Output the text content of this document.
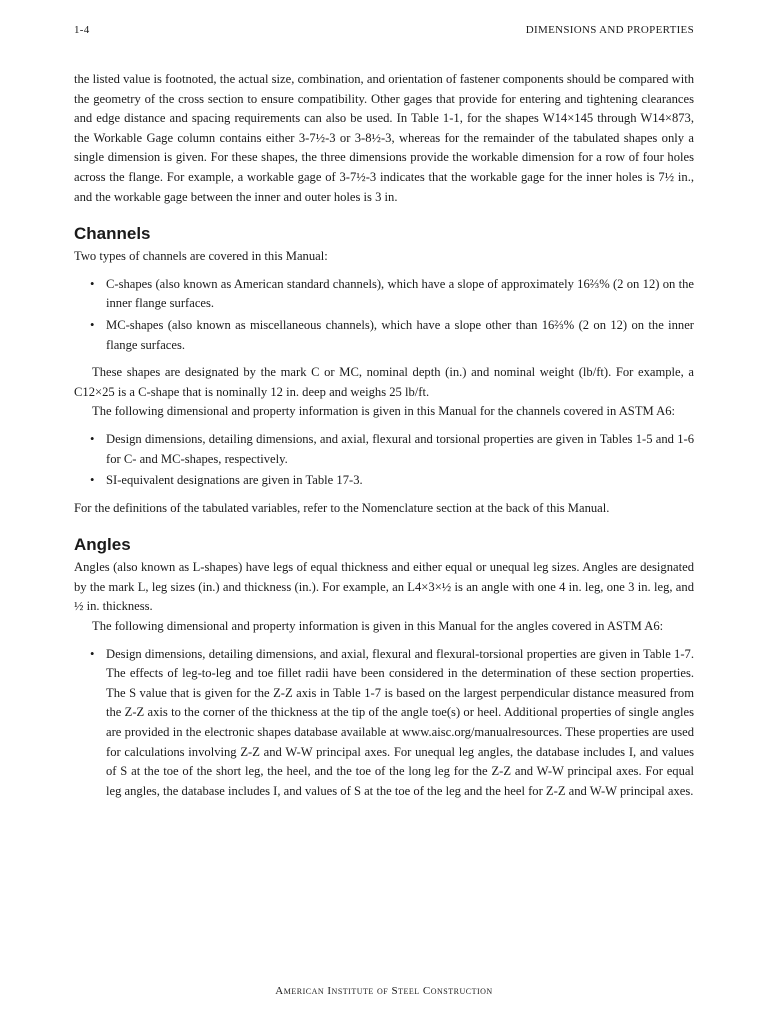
1-4	DIMENSIONS AND PROPERTIES

the listed value is footnoted, the actual size, combination, and orientation of fastener components should be compared with the geometry of the cross section to ensure compatibility. Other gages that provide for entering and tightening clearances and edge distance and spacing requirements can also be used. In Table 1-1, for the shapes W14×145 through W14×873, the Workable Gage column contains either 3-7½-3 or 3-8½-3, whereas for the remainder of the tabulated shapes only a single dimension is given. For these shapes, the three dimensions provide the workable dimension for a row of four holes across the flange. For example, a workable gage of 3-7½-3 indicates that the workable gage for the inner holes is 7½ in., and the workable gage between the inner and outer holes is 3 in.

Channels

Two types of channels are covered in this Manual:

• C-shapes (also known as American standard channels), which have a slope of approximately 16⅔% (2 on 12) on the inner flange surfaces.
• MC-shapes (also known as miscellaneous channels), which have a slope other than 16⅔% (2 on 12) on the inner flange surfaces.

These shapes are designated by the mark C or MC, nominal depth (in.) and nominal weight (lb/ft). For example, a C12×25 is a C-shape that is nominally 12 in. deep and weighs 25 lb/ft.

The following dimensional and property information is given in this Manual for the channels covered in ASTM A6:

• Design dimensions, detailing dimensions, and axial, flexural and torsional properties are given in Tables 1-5 and 1-6 for C- and MC-shapes, respectively.
• SI-equivalent designations are given in Table 17-3.

For the definitions of the tabulated variables, refer to the Nomenclature section at the back of this Manual.

Angles

Angles (also known as L-shapes) have legs of equal thickness and either equal or unequal leg sizes. Angles are designated by the mark L, leg sizes (in.) and thickness (in.). For example, an L4×3×½ is an angle with one 4 in. leg, one 3 in. leg, and ½ in. thickness.

The following dimensional and property information is given in this Manual for the angles covered in ASTM A6:

• Design dimensions, detailing dimensions, and axial, flexural and flexural-torsional properties are given in Table 1-7. The effects of leg-to-leg and toe fillet radii have been considered in the determination of these section properties. The S value that is given for the Z-Z axis in Table 1-7 is based on the largest perpendicular distance measured from the Z-Z axis to the corner of the thickness at the tip of the angle toe(s) or heel. Additional properties of single angles are provided in the electronic shapes database available at www.aisc.org/manualresources. These properties are used for calculations involving Z-Z and W-W principal axes. For unequal leg angles, the database includes I, and values of S at the toe of the short leg, the heel, and the toe of the long leg for the Z-Z and W-W principal axes. For equal leg angles, the database includes I, and values of S at the toe of the leg and the heel for Z-Z and W-W principal axes.
American Institute of Steel Construction
